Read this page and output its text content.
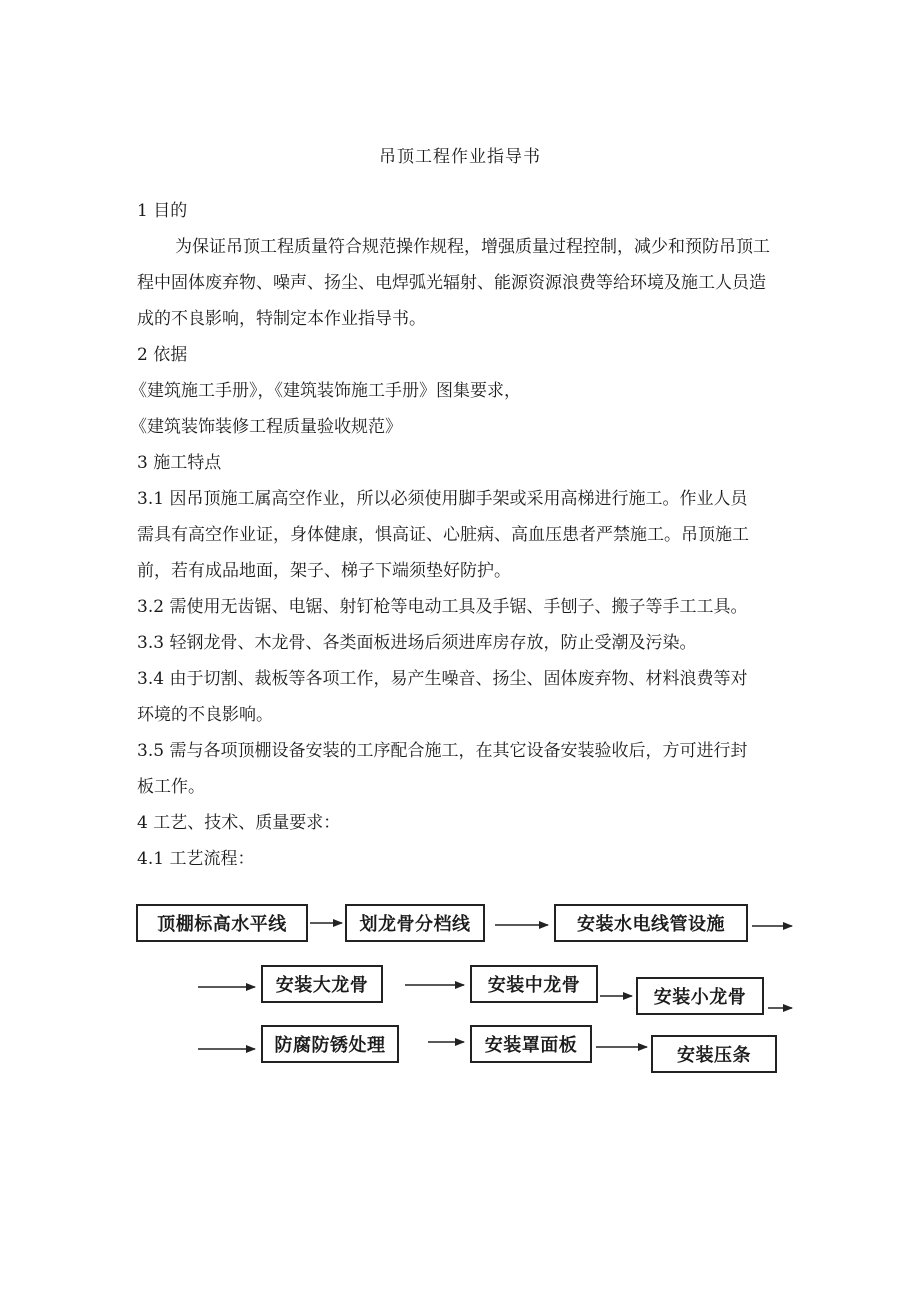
吊顶工程作业指导书
1 目的
为保证吊顶工程质量符合规范操作规程，增强质量过程控制，减少和预防吊顶工
程中固体废弃物、噪声、扬尘、电焊弧光辐射、能源资源浪费等给环境及施工人员造
成的不良影响，特制定本作业指导书。
2 依据
《建筑施工手册》，《建筑装饰施工手册》图集要求，
《建筑装饰装修工程质量验收规范》
3 施工特点
3.1 因吊顶施工属高空作业，所以必须使用脚手架或采用高梯进行施工。作业人员
需具有高空作业证，身体健康，惧高证、心脏病、高血压患者严禁施工。吊顶施工
前，若有成品地面，架子、梯子下端须垫好防护。
3.2 需使用无齿锯、电锯、射钉枪等电动工具及手锯、手刨子、搬子等手工工具。
3.3 轻钢龙骨、木龙骨、各类面板进场后须进库房存放，防止受潮及污染。
3.4 由于切割、裁板等各项工作，易产生噪音、扬尘、固体废弃物、材料浪费等对
环境的不良影响。
3.5 需与各项顶棚设备安装的工序配合施工，在其它设备安装验收后，方可进行封
板工作。
4 工艺、技术、质量要求：
4.1 工艺流程：
顶棚标高水平线	划龙骨分档线	安装水电线管设施
安装大龙骨	安装中龙骨
安装小龙骨
防腐防锈处理	安装罩面板	安装压条
